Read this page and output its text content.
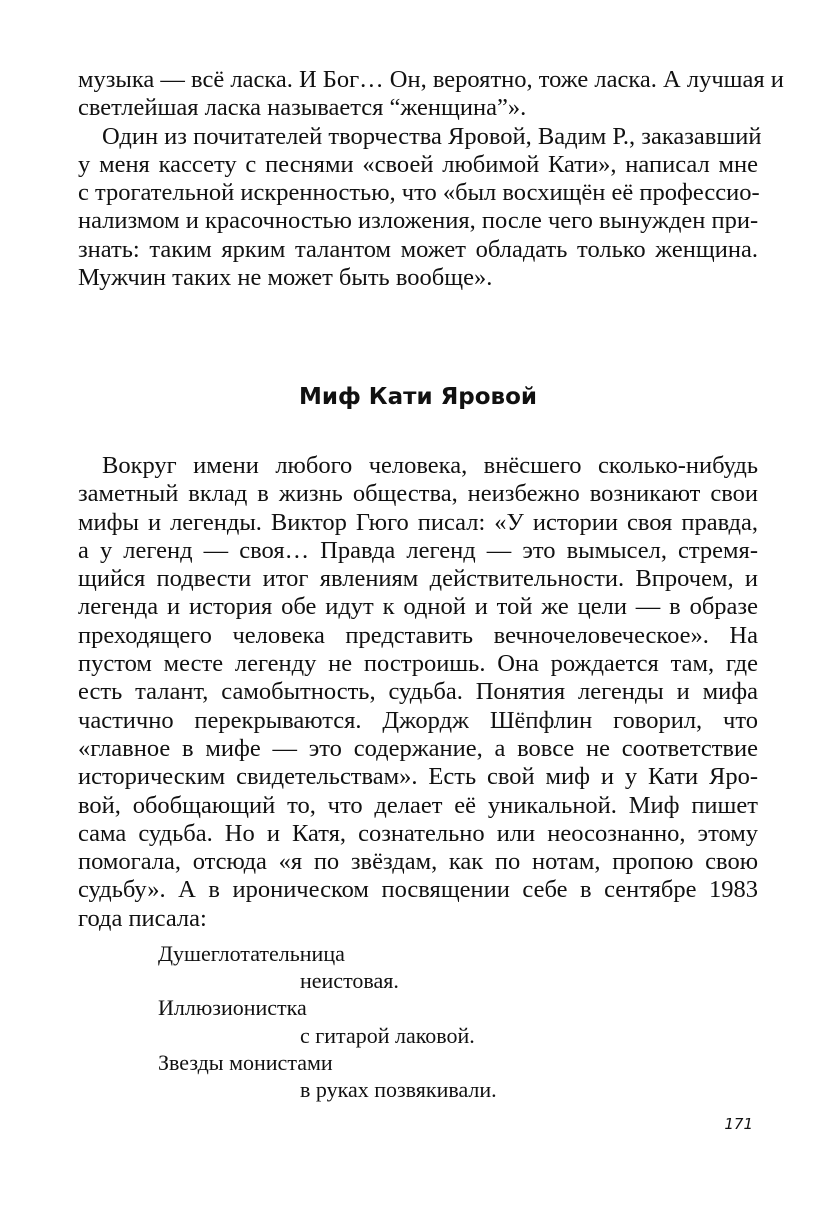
музыка — всё ласка. И Бог… Он, вероятно, тоже ласка. А лучшая и
светлейшая ласка называется “женщина”».

Один из почитателей творчества Яровой, Вадим Р., заказавший
у меня кассету с песнями «своей любимой Кати», написал мне
с трогательной искренностью, что «был восхищён её профессио-
нализмом и красочностью изложения, после чего вынужден при-
знать: таким ярким талантом может обладать только женщина.
Мужчин таких не может быть вообще».

Миф Кати Яровой

Вокруг имени любого человека, внёсшего сколько-нибудь
заметный вклад в жизнь общества, неизбежно возникают свои
мифы и легенды. Виктор Гюго писал: «У истории своя правда,
а у легенд — своя… Правда легенд — это вымысел, стремя-
щийся подвести итог явлениям действительности. Впрочем, и
легенда и история обе идут к одной и той же цели — в образе
преходящего человека представить вечночеловеческое». На
пустом месте легенду не построишь. Она рождается там, где
есть талант, самобытность, судьба. Понятия легенды и мифа
частично перекрываются. Джордж Шёпфлин говорил, что
«главное в мифе — это содержание, а вовсе не соответствие
историческим свидетельствам». Есть свой миф и у Кати Яро-
вой, обобщающий то, что делает её уникальной. Миф пишет
сама судьба. Но и Катя, сознательно или неосознанно, этому
помогала, отсюда «я по звёздам, как по нотам, пропою свою
судьбу». А в ироническом посвящении себе в сентябре 1983
года писала:

Душеглотательница
неистовая.
Иллюзионистка
с гитарой лаковой.
Звезды монистами
в руках позвякивали.
171
